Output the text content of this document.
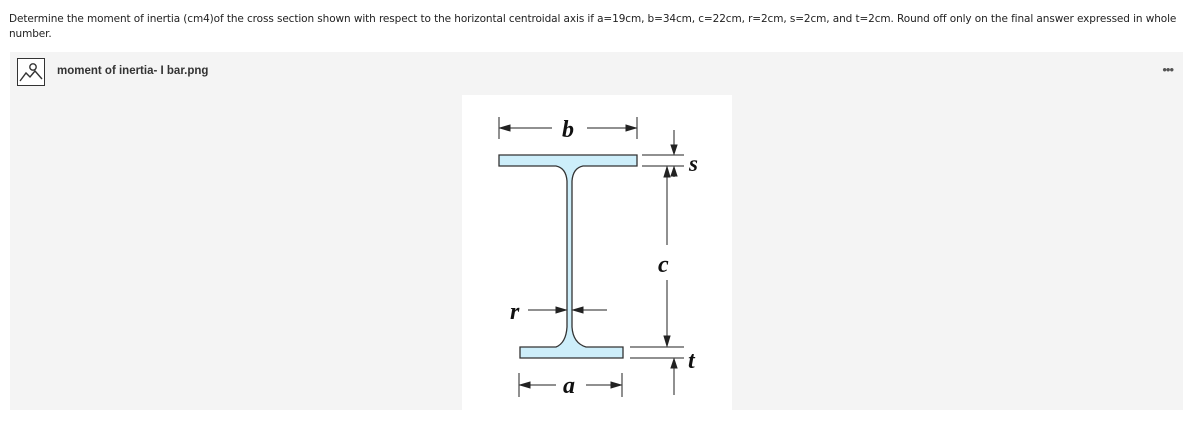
Determine the moment of inertia (cm4)of the cross section shown with respect to the horizontal centroidal axis if a=19cm, b=34cm, c=22cm, r=2cm, s=2cm, and t=2cm. Round off only on the final answer expressed in whole number.
moment of inertia- I bar.png	•••
b
s
c
t
r
a
